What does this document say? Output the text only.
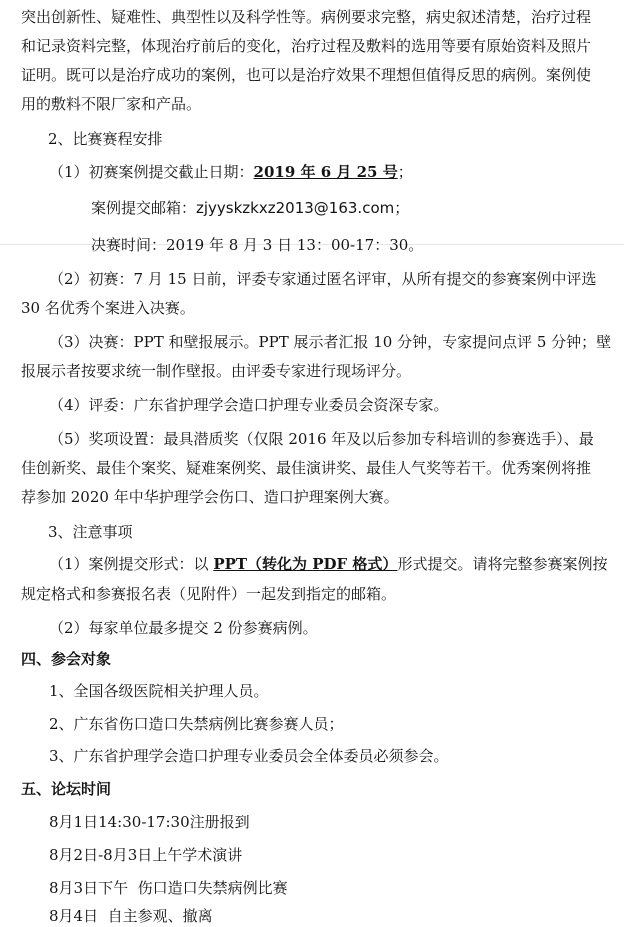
突出创新性、疑难性、典型性以及科学性等。病例要求完整，病史叙述清楚，治疗过程
和记录资料完整，体现治疗前后的变化，治疗过程及敷料的选用等要有原始资料及照片
证明。既可以是治疗成功的案例，也可以是治疗效果不理想但值得反思的病例。案例使
用的敷料不限厂家和产品。
2、比赛赛程安排
（1）初赛案例提交截止日期：2019 年 6 月 25 号；
案例提交邮箱：zjyyskzkxz2013@163.com；
决赛时间：2019 年 8 月 3 日 13：00-17：30。
（2）初赛：7 月 15 日前，评委专家通过匿名评审，从所有提交的参赛案例中评选
30 名优秀个案进入决赛。
（3）决赛：PPT 和壁报展示。PPT 展示者汇报 10 分钟，专家提问点评 5 分钟；壁
报展示者按要求统一制作壁报。由评委专家进行现场评分。
（4）评委：广东省护理学会造口护理专业委员会资深专家。
（5）奖项设置：最具潜质奖（仅限 2016 年及以后参加专科培训的参赛选手）、最
佳创新奖、最佳个案奖、疑难案例奖、最佳演讲奖、最佳人气奖等若干。优秀案例将推
荐参加 2020 年中华护理学会伤口、造口护理案例大赛。
3、注意事项
（1）案例提交形式：以 PPT（转化为 PDF 格式）形式提交。请将完整参赛案例按
规定格式和参赛报名表（见附件）一起发到指定的邮箱。
（2）每家单位最多提交 2 份参赛病例。
四、参会对象
1、全国各级医院相关护理人员。
2、广东省伤口造口失禁病例比赛参赛人员；
3、广东省护理学会造口护理专业委员会全体委员必须参会。
五、论坛时间
8月1日14:30-17:30注册报到
8月2日-8月3日上午学术演讲
8月3日下午  伤口造口失禁病例比赛
8月4日  自主参观、撤离
